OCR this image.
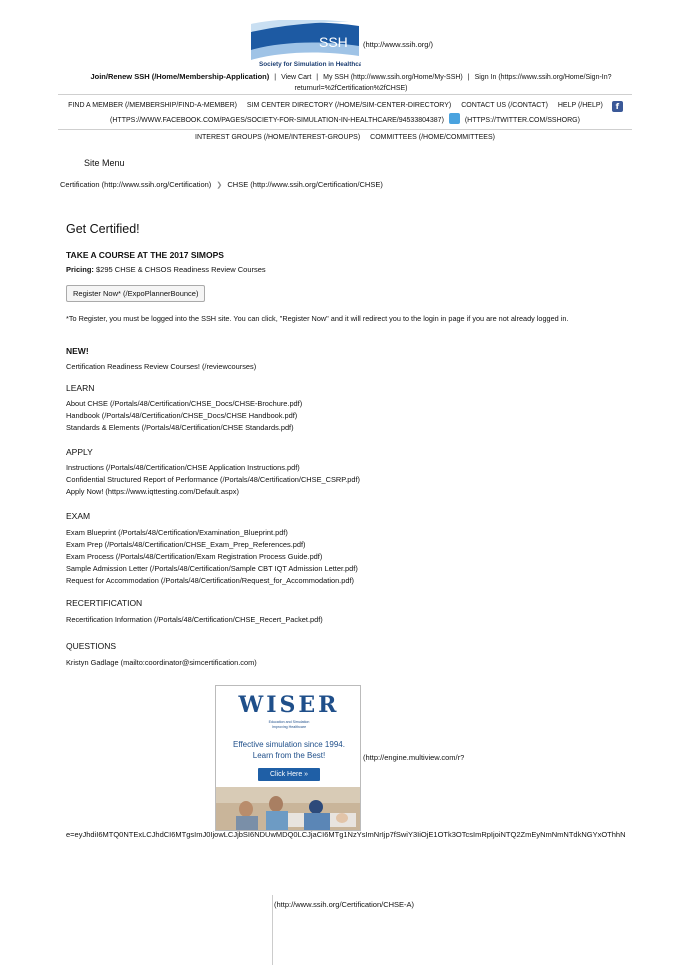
SSH
Society for Simulation in Healthcare
(http://www.ssih.org/)
Join/Renew SSH (/Home/Membership-Application) | View Cart | My SSH (http://www.ssih.org/Home/My-SSH) | Sign In (https://www.ssih.org/Home/Sign-In?returnurl=%2fCertification%2fCHSE)
FIND A MEMBER (/MEMBERSHIP/FIND-A-MEMBER) SIM CENTER DIRECTORY (/HOME/SIM-CENTER-DIRECTORY) CONTACT US (/CONTACT) HELP (/HELP) f
(HTTPS://WWW.FACEBOOK.COM/PAGES/SOCIETY-FOR-SIMULATION-IN-HEALTHCARE/94533804387)	(HTTPS://TWITTER.COM/SSHORG)
INTEREST GROUPS (/HOME/INTEREST-GROUPS) COMMITTEES (/HOME/COMMITTEES)
Site Menu
Certification (http://www.ssih.org/Certification) ❯ CHSE (http://www.ssih.org/Certification/CHSE)
Get Certified!
TAKE A COURSE AT THE 2017 SIMOPS
Pricing: $295 CHSE & CHSOS Readiness Review Courses
Register Now* (/ExpoPlannerBounce)
*To Register, you must be logged into the SSH site. You can click, "Register Now" and it will redirect you to the login in page if you are not already logged in.
NEW!
Certification Readiness Review Courses! (/reviewcourses)
LEARN
About CHSE (/Portals/48/Certification/CHSE_Docs/CHSE-Brochure.pdf)
Handbook (/Portals/48/Certification/CHSE_Docs/CHSE Handbook.pdf)
Standards & Elements (/Portals/48/Certification/CHSE Standards.pdf)
APPLY
Instructions (/Portals/48/Certification/CHSE Application Instructions.pdf)
Confidential Structured Report of Performance (/Portals/48/Certification/CHSE_CSRP.pdf)
Apply Now! (https://www.iqttesting.com/Default.aspx)
EXAM
Exam Blueprint (/Portals/48/Certification/Examination_Blueprint.pdf)
Exam Prep (/Portals/48/Certification/CHSE_Exam_Prep_References.pdf)
Exam Process (/Portals/48/Certification/Exam Registration Process Guide.pdf)
Sample Admission Letter (/Portals/48/Certification/Sample CBT IQT Admission Letter.pdf)
Request for Accommodation (/Portals/48/Certification/Request_for_Accommodation.pdf)
RECERTIFICATION
Recertification Information (/Portals/48/Certification/CHSE_Recert_Packet.pdf)
QUESTIONS
Kristyn Gadlage (mailto:coordinator@simcertification.com)
WISER
Education and Simulation
Improving Healthcare
Effective simulation since 1994.
Learn from the Best!
Click Here »
(http://engine.multiview.com/r?
e=eyJhdiI6MTQ0NTExLCJhdCI6MTgsImJ0IjowLCJjbSI6NDUwMDQ0LCJjaCI6MTg1NzYsImNrIjp7fSwiY3IiOjE1OTk3OTcsImRpIjoiNTQ2ZmEyNmNmNTdkNGYxOThhN
(http://www.ssih.org/Certification/CHSE-A)
